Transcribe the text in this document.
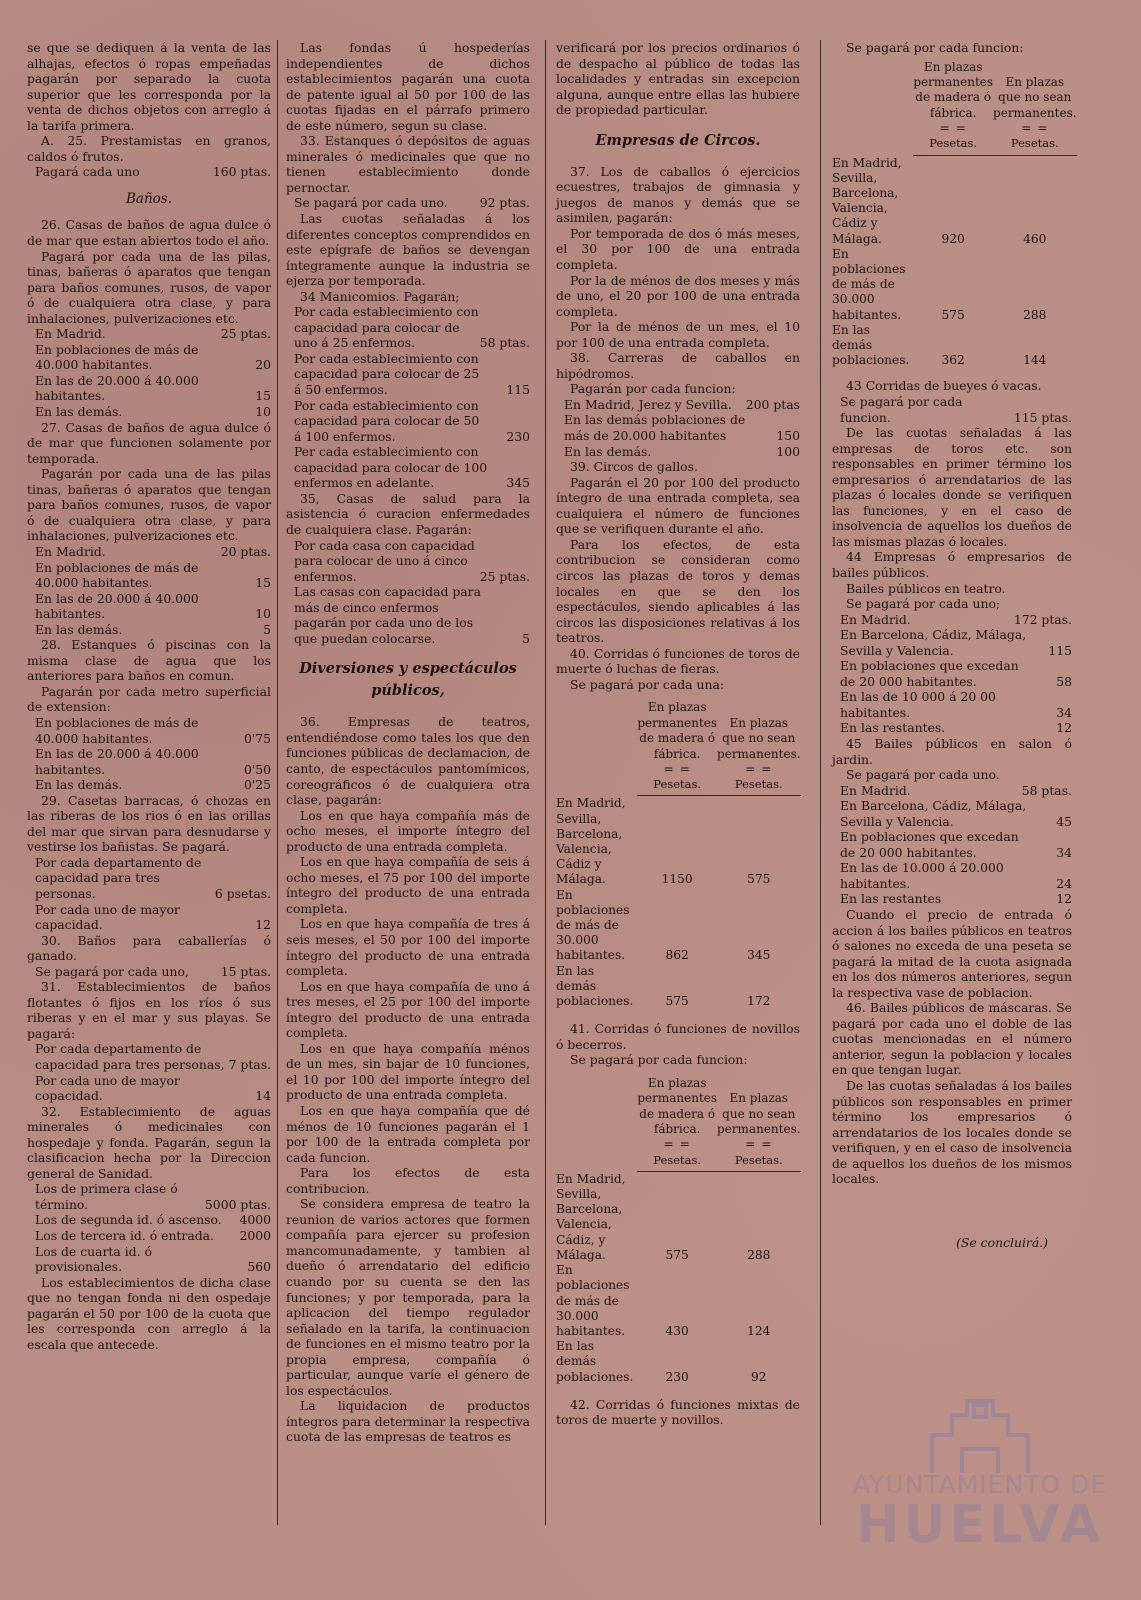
se que se dediquen á la venta de las alhajas, efectos ó ropas empeñadas pagarán por separado la cuota superior que les corresponda por la venta de dichos objetos con arreglo á la tarifa primera.

A. 25. Prestamistas en granos, caldos ó frutos.

Pagará cada uno	160 ptas.
Baños.

26. Casas de baños de agua dulce ó de mar que estan abiertos todo el año.

Pagará por cada una de las pilas, tinas, bañeras ó aparatos que tengan para baños comunes, rusos, de vapor ó de cualquiera otra clase, y para inhalaciones, pulverizaciones etc.

En Madrid.	25 ptas.
En poblaciones de más de 40.000 habitantes.	20
En las de 20.000 á 40.000 habitantes.	15
En las demás.	10

27. Casas de baños de agua dulce ó de mar que funcionen solamente por temporada.

Pagarán por cada una de las pilas tinas, bañeras ó aparatos que tengan para baños comunes, rusos, de vapor ó de cualquiera otra clase, y para inhalaciones, pulverizaciones etc.

En Madrid.	20 ptas.
En poblaciones de más de 40.000 habitantes.	15
En las de 20.000 á 40.000 habitantes.	10
En las demás.	5

28. Estanques ó piscinas con la misma clase de agua que los anteriores para baños en comun.

Pagarán por cada metro superficial de extension:

En poblaciones de más de 40.000 habitantes.	0'75
En las de 20.000 á 40.000 habitantes.	0'50
En las demás.	0'25

29. Casetas barracas, ó chozas en las riberas de los rios ó en las orillas del mar que sirvan para desnudarse y vestirse los bañistas. Se pagará.

Por cada departamento de capacidad para tres personas.	6 psetas.
Por cada uno de mayor capacidad.	12

30. Baños para caballerías ó ganado.

Se pagará por cada uno,	15 ptas.

31. Establecimientos de baños flotantes ó fijos en los ríos ó sus riberas y en el mar y sus playas. Se pagará:

Por cada departamento de capacidad para tres personas, 7 ptas.
Por cada uno de mayor copacidad.	14

32. Establecimiento de aguas minerales ó medicinales con hospedaje y fonda. Pagarán, segun la clasificacion hecha por la Direccion general de Sanidad.

Los de primera clase ó término.	5000 ptas.
Los de segunda id. ó ascenso.	4000
Los de tercera id. ó entrada.	2000
Los de cuarta id. ó provisionales.	560

Los establecimientos de dicha clase que no tengan fonda ni den ospedaje pagarán el 50 por 100 de la cuota que les corresponda con arreglo á la escala que antecede.

Las fondas ú hospederías independientes de dichos establecimientos pagarán una cuota de patente igual al 50 por 100 de las cuotas fijadas en el párrafo primero de este número, segun su clase.

33. Estanques ó depósitos de aguas minerales ó medicinales que que no tienen establecimiento donde pernoctar.

Se pagará por cada uno.	92 ptas.

Las cuotas señaladas á los diferentes conceptos comprendidos en este epígrafe de baños se devengan íntegramente aunque la industria se ejerza por temporada.

34 Manicomios. Pagarán;

Por cada establecimiento con capacidad para colocar de uno á 25 enfermos.	58 ptas.
Por cada establecimiento con capacidad para colocar de 25 á 50 enfermos.	115
Por cada establecimiento con capacidad para colocar de 50 á 100 enfermos.	230
Per cada establecimiento con capacidad para colocar de 100 enfermos en adelante.	345

35, Casas de salud para la asistencia ó curacion enfermedades de cualquiera clase. Pagarán:

Por cada casa con capacidad para colocar de uno á cinco enfermos.	25 ptas.
Las casas con capacidad para más de cinco enfermos pagarán por cada uno de los que puedan colocarse.	5
Diversiones y espectáculos públicos,

36. Empresas de teatros, entendiéndose como tales los que den funciones públicas de declamacion, de canto, de espectáculos pantomímicos, coreográficos ó de cualquiera otra clase, pagarán:

Los en que haya compañía más de ocho meses, el importe íntegro del producto de una entrada completa.

Los en que haya compañía de seis á ocho meses, el 75 por 100 del importe íntegro del producto de una entrada completa.

Los en que haya compañía de tres á seis meses, el 50 por 100 del importe íntegro del producto de una entrada completa.

Los en que haya compañía de uno á tres meses, el 25 por 100 del importe íntegro del producto de una entrada completa.

Los en que haya compañía ménos de un mes, sin bajar de 10 funciones, el 10 por 100 del importe íntegro del producto de una entrada completa.

Los en que haya compañía que dé ménos de 10 funciones pagarán el 1 por 100 de la entrada completa por cada funcion.

Para los efectos de esta contribucion.

Se considera empresa de teatro la reunion de varios actores que formen compañía para ejercer su profesion mancomunadamente, y tambien al dueño ó arrendatario del edificio cuando por su cuenta se den las funciones; y por temporada, para la aplicacion del tiempo regulador señalado en la tarifa, la continuacion de funciones en el mismo teatro por la propia empresa, compañía ó particular, aunque varíe el género de los espectáculos.

La liquidacion de productos íntegros para determinar la respectiva cuota de las empresas de teatros es

verificará por los precios ordinarios ó de despacho al público de todas las localidades y entradas sin excepcion alguna, aunque entre ellas las hubiere de propiedad particular.

Empresas de Circos.

37. Los de caballos ó ejercicios ecuestres, trabajos de gimnasia y juegos de manos y demás que se asimilen, pagarán:

Por temporada de dos ó más meses, el 30 por 100 de una entrada completa.

Por la de ménos de dos meses y más de uno, el 20 por 100 de una entrada completa.

Por la de ménos de un mes, el 10 por 100 de una entrada completa.

38. Carreras de caballos en hipódromos.

Pagarán por cada funcion:

En Madrid, Jerez y Sevilla.	200 ptas
En las demás poblaciones de más de 20.000 habitantes	150
En las demás.	100

39. Circos de gallos.

Pagarán el 20 por 100 del producto íntegro de una entrada completa, sea cualquiera el número de funciones que se verifiquen durante el año.

Para los efectos, de esta contribucion se consideran como circos las plazas de toros y demas locales en que se den los espectáculos, siendo aplicables á las circos las disposiciones relativas á los teatros.

40. Corridas ó funciones de toros de muerte ó luchas de fieras.

Se pagará por cada una:

	En plazas permanentes de madera ó fábrica.	En plazas que no sean permanentes.

	= =	= =

	Pesetas.	Pesetas.

En Madrid, Sevilla, Barcelona, Valencia, Cádiz y Málaga.	1150	575
En poblaciones de más de 30.000 habitantes.	862	345
En las demás poblaciones.	575	172

41. Corridas ó funciones de novillos ó becerros.

Se pagará por cada funcion:

	En plazas permanentes de madera ó fábrica.	En plazas que no sean permanentes.

	= =	= =

	Pesetas.	Pesetas.

En Madrid, Sevilla, Barcelona, Valencia, Cádiz, y Málaga.	575	288
En poblaciones de más de 30.000 habitantes.	430	124
En las demás poblaciones.	230	92

42. Corridas ó funciones mixtas de toros de muerte y novillos.

Se pagará por cada funcion:

	En plazas permanentes de madera ó fábrica.	En plazas que no sean permanentes.

	= =	= =

	Pesetas.	Pesetas.

En Madrid, Sevilla, Barcelona, Valencia, Cádiz y Málaga.	920	460
En poblaciones de más de 30.000 habitantes.	575	288
En las demás poblaciones.	362	144

43 Corridas de bueyes ó vacas.

Se pagará por cada funcion.	115 ptas.

De las cuotas señaladas á las empresas de toros etc. son responsables en primer término los empresarios ó arrendatarios de las plazas ó locales donde se verifiquen las funciones, y en el caso de insolvencia de aquellos los dueños de las mismas plazas ó locales.

44 Empresas ó empresarios de bailes públicos.

Bailes públicos en teatro.

Se pagará por cada uno;

En Madrid.	172 ptas.
En Barcelona, Cádiz, Málaga, Sevilla y Valencia.	115
En poblaciones que excedan de 20 000 habitantes.	58
En las de 10 000 á 20 00 habitantes.	34
En las restantes.	12

45 Bailes públicos en salon ó jardin.

Se pagará por cada uno.

En Madrid.	58 ptas.
En Barcelona, Cádiz, Málaga, Sevilla y Valencia.	45
En poblaciones que excedan de 20 000 habitantes.	34
En las de 10.000 á 20.000 habitantes.	24
En las restantes	12

Cuando el precio de entrada ó accion á los bailes públicos en teatros ó salones no exceda de una peseta se pagará la mitad de la cuota asignada en los dos números anteriores, segun la respectiva vase de poblacion.

46. Bailes públicos de máscaras. Se pagará por cada uno el doble de las cuotas mencionadas en el número anterior, segun la poblacion y locales en que tengan lugar.

De las cuotas señaladas á los bailes públicos son responsables en primer término los empresarios ó arrendatarios de los locales donde se verifiquen, y en el caso de insolvencia de aquellos los dueños de los mismos locales.

(Se concluirá.)
AYUNTAMIENTO DE
HUELVA
